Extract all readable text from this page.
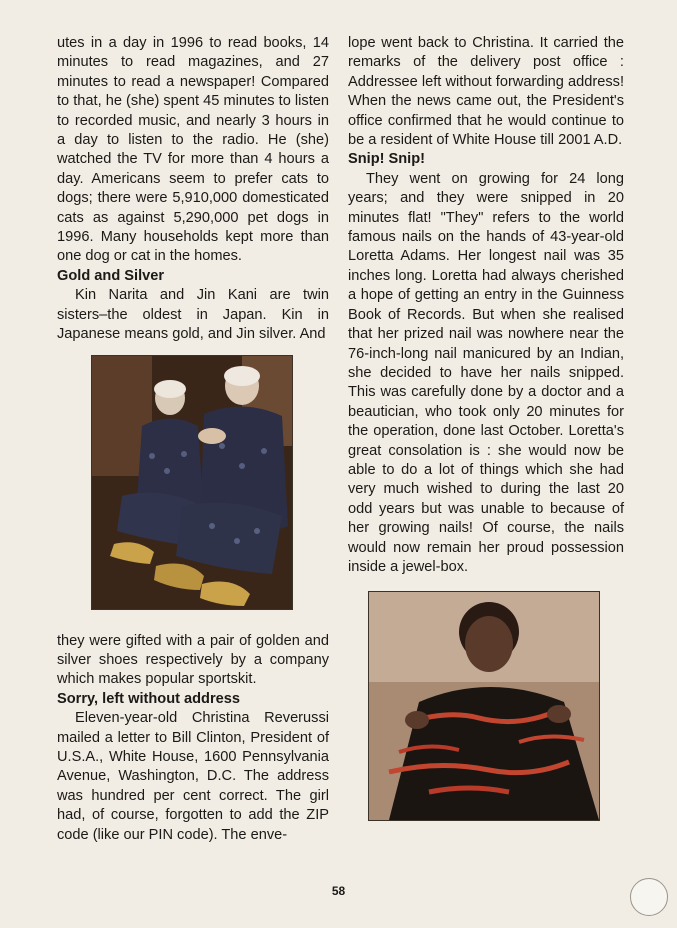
utes in a day in 1996 to read books, 14 minutes to read magazines, and 27 minutes to read a newspaper! Compared to that, he (she) spent 45 minutes to listen to recorded music, and nearly 3 hours in a day to listen to the radio. He (she) watched the TV for more than 4 hours a day. Americans seem to prefer cats to dogs; there were 5,910,000 domesticated cats as against 5,290,000 pet dogs in 1996. Many households kept more than one dog or cat in the homes.

Gold and Silver

Kin Narita and Jin Kani are twin sisters–the oldest in Japan. Kin in Japanese means gold, and Jin silver. And

they were gifted with a pair of golden and silver shoes respectively by a company which makes popular sportskit.

Sorry, left without address

Eleven-year-old Christina Reverussi mailed a letter to Bill Clinton, President of U.S.A., White House, 1600 Pennsylvania Avenue, Washington, D.C. The address was hundred per cent correct. The girl had, of course, forgotten to add the ZIP code (like our PIN code). The enve-

lope went back to Christina. It carried the remarks of the delivery post office : Addressee left without forwarding address! When the news came out, the President's office confirmed that he would continue to be a resident of White House till 2001 A.D.

Snip! Snip!

They went on growing for 24 long years; and they were snipped in 20 minutes flat! "They" refers to the world famous nails on the hands of 43-year-old Loretta Adams. Her longest nail was 35 inches long. Loretta had always cherished a hope of getting an entry in the Guinness Book of Records. But when she realised that her prized nail was nowhere near the 76-inch-long nail manicured by an Indian, she decided to have her nails snipped. This was carefully done by a doctor and a beautician, who took only 20 minutes for the operation, done last October. Loretta's great consolation is : she would now be able to do a lot of things which she had very much wished to during the last 20 odd years but was unable to because of her growing nails! Of course, the nails would now remain her proud possession inside a jewel-box.

58
